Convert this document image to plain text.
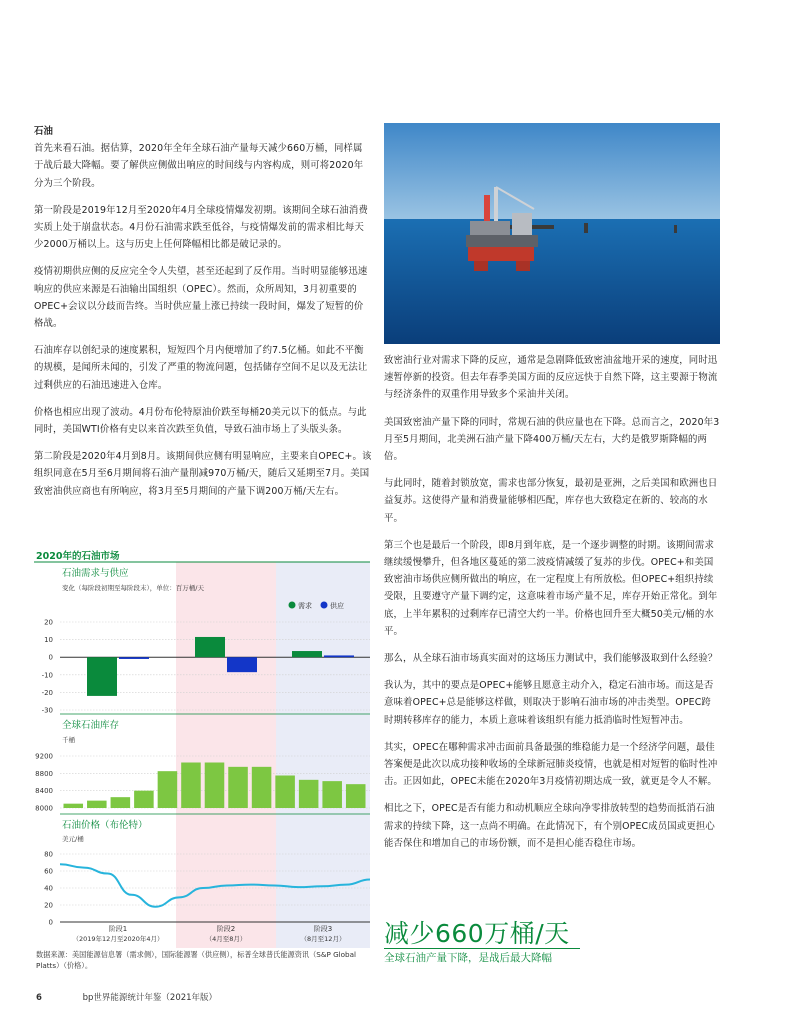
石油

首先来看石油。据估算，2020年全年全球石油产量每天减少660万桶，同样属于战后最大降幅。要了解供应侧做出响应的时间线与内容构成，则可将2020年分为三个阶段。

第一阶段是2019年12月至2020年4月全球疫情爆发初期。该期间全球石油消费实质上处于崩盘状态。4月份石油需求跌至低谷，与疫情爆发前的需求相比每天少2000万桶以上。这与历史上任何降幅相比都是破记录的。

疫情初期供应侧的反应完全令人失望，甚至还起到了反作用。当时明显能够迅速响应的供应来源是石油输出国组织（OPEC）。然而，众所周知，3月初重要的OPEC+会议以分歧而告终。当时供应量上涨已持续一段时间，爆发了短暂的价格战。

石油库存以创纪录的速度累积，短短四个月内便增加了约7.5亿桶。如此不平衡的规模，是闻所未闻的，引发了严重的物流问题，包括储存空间不足以及无法让过剩供应的石油迅速进入仓库。

价格也相应出现了波动。4月份布伦特原油价跌至每桶20美元以下的低点。与此同时，美国WTI价格有史以来首次跌至负值，导致石油市场上了头版头条。

第二阶段是2020年4月到8月。该期间供应侧有明显响应，主要来自OPEC+。该组织同意在5月至6月期间将石油产量削减970万桶/天，随后又延期至7月。美国致密油供应商也有所响应，将3月至5月期间的产量下调200万桶/天左右。

致密油行业对需求下降的反应，通常是急剧降低致密油盆地开采的速度，同时迅速暂停新的投资。但去年春季美国方面的反应远快于自然下降，这主要源于物流与经济条件的双重作用导致多个采油井关闭。

美国致密油产量下降的同时，常规石油的供应量也在下降。总而言之，2020年3月至5月期间，北美洲石油产量下降400万桶/天左右，大约是俄罗斯降幅的两倍。

与此同时，随着封锁放宽，需求也部分恢复，最初是亚洲，之后美国和欧洲也日益复苏。这使得产量和消费量能够相匹配，库存也大致稳定在新的、较高的水平。

第三个也是最后一个阶段，即8月到年底，是一个逐步调整的时期。该期间需求继续缓慢攀升，但各地区蔓延的第二波疫情减缓了复苏的步伐。OPEC+和美国致密油市场供应侧所做出的响应，在一定程度上有所放松。但OPEC+组织持续受限，且要遵守产量下调约定，这意味着市场产量不足，库存开始正常化。到年底，上半年累积的过剩库存已清空大约一半。价格也回升至大概50美元/桶的水平。

那么，从全球石油市场真实面对的这场压力测试中，我们能够汲取到什么经验？

我认为，其中的要点是OPEC+能够且愿意主动介入，稳定石油市场。而这是否意味着OPEC+总是能够这样做，则取决于影响石油市场的冲击类型。OPEC跨时期转移库存的能力，本质上意味着该组织有能力抵消临时性短暂冲击。

其实，OPEC在哪种需求冲击面前具备最强的维稳能力是一个经济学问题，最佳答案便是此次以成功接种收场的全球新冠肺炎疫情，也就是相对短暂的临时性冲击。正因如此，OPEC未能在2020年3月疫情初期达成一致，就更是令人不解。

相比之下，OPEC是否有能力和动机顺应全球向净零排放转型的趋势而抵消石油需求的持续下降，这一点尚不明确。在此情况下，有个别OPEC成员国或更担心能否保住和增加自己的市场份额，而不是担心能否稳住市场。

2020年的石油市场
石油需求与供应
变化（每阶段初期至每阶段末），单位：百万桶/天
需求	供应
20
10
0
-10
-20
-30
全球石油库存
千桶
9200
8800
8400
8000
石油价格（布伦特）
美元/桶
80
60
40
20
0
阶段1
（2019年12月至2020年4月）
阶段2
（4月至8月）
阶段3
（8月至12月）
数据来源：美国能源信息署（需求侧），国际能源署（供应侧），标普全球普氏能源资讯（S&P Global Platts）（价格）。
减少660万桶/天
全球石油产量下降，是战后最大降幅
6	bp世界能源统计年鉴（2021年版）
